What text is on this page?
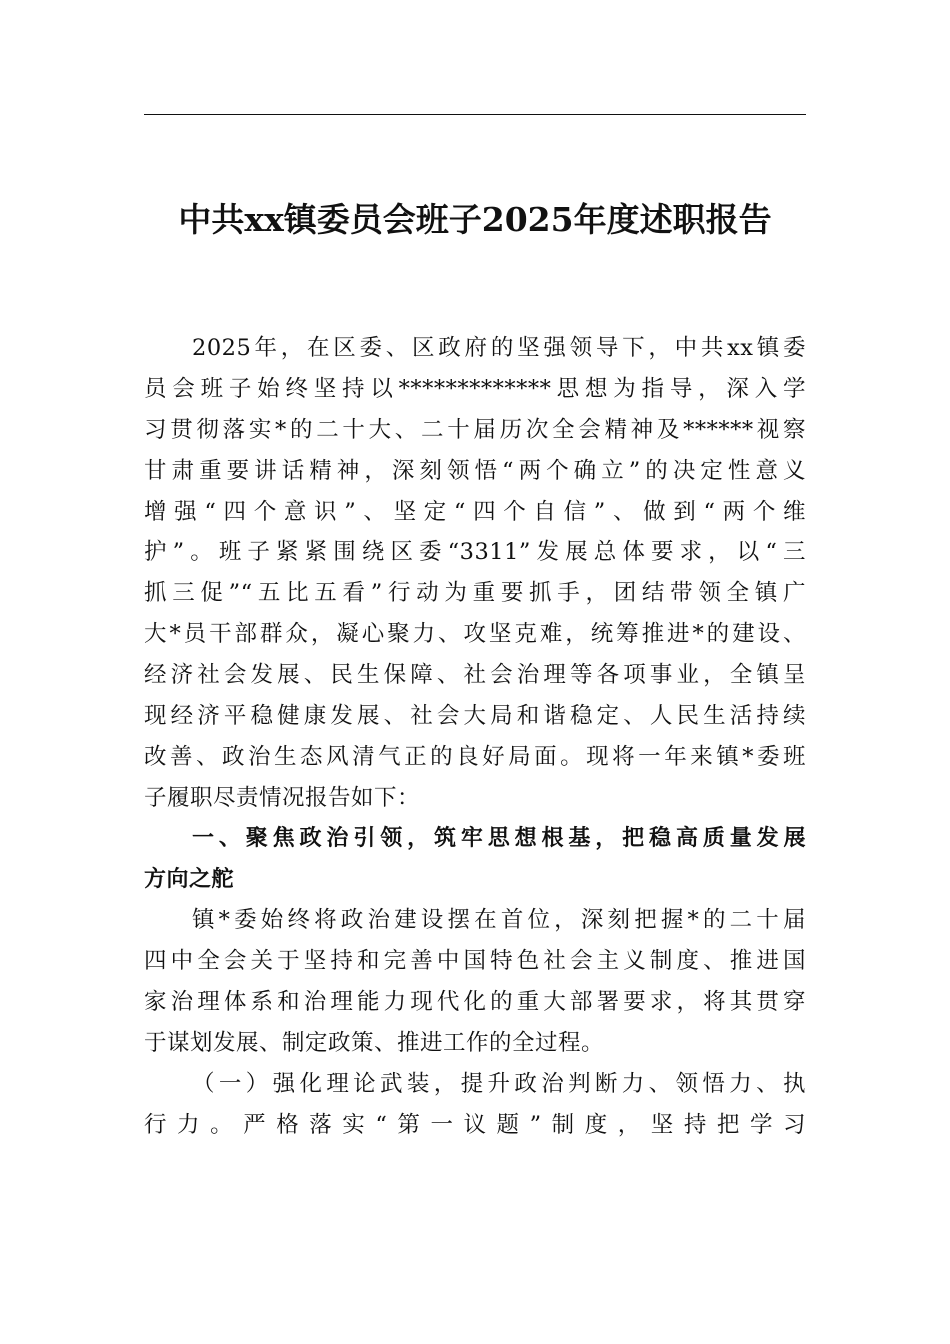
中共xx镇委员会班子2025年度述职报告
2025年，在区委、区政府的坚强领导下，中共xx镇委
员会班子始终坚持以*************思想为指导，深入学
习贯彻落实*的二十大、二十届历次全会精神及******视察
甘肃重要讲话精神，深刻领悟“两个确立”的决定性意义
增强“四个意识”、坚定“四个自信”、做到“两个维
护”。班子紧紧围绕区委“3311”发展总体要求，以“三
抓三促”“五比五看”行动为重要抓手，团结带领全镇广
大*员干部群众，凝心聚力、攻坚克难，统筹推进*的建设、
经济社会发展、民生保障、社会治理等各项事业，全镇呈
现经济平稳健康发展、社会大局和谐稳定、人民生活持续
改善、政治生态风清气正的良好局面。现将一年来镇*委班
子履职尽责情况报告如下：
一、聚焦政治引领，筑牢思想根基，把稳高质量发展
方向之舵
镇*委始终将政治建设摆在首位，深刻把握*的二十届
四中全会关于坚持和完善中国特色社会主义制度、推进国
家治理体系和治理能力现代化的重大部署要求，将其贯穿
于谋划发展、制定政策、推进工作的全过程。
（一）强化理论武装，提升政治判断力、领悟力、执
行力。严格落实“第一议题”制度，坚持把学习
